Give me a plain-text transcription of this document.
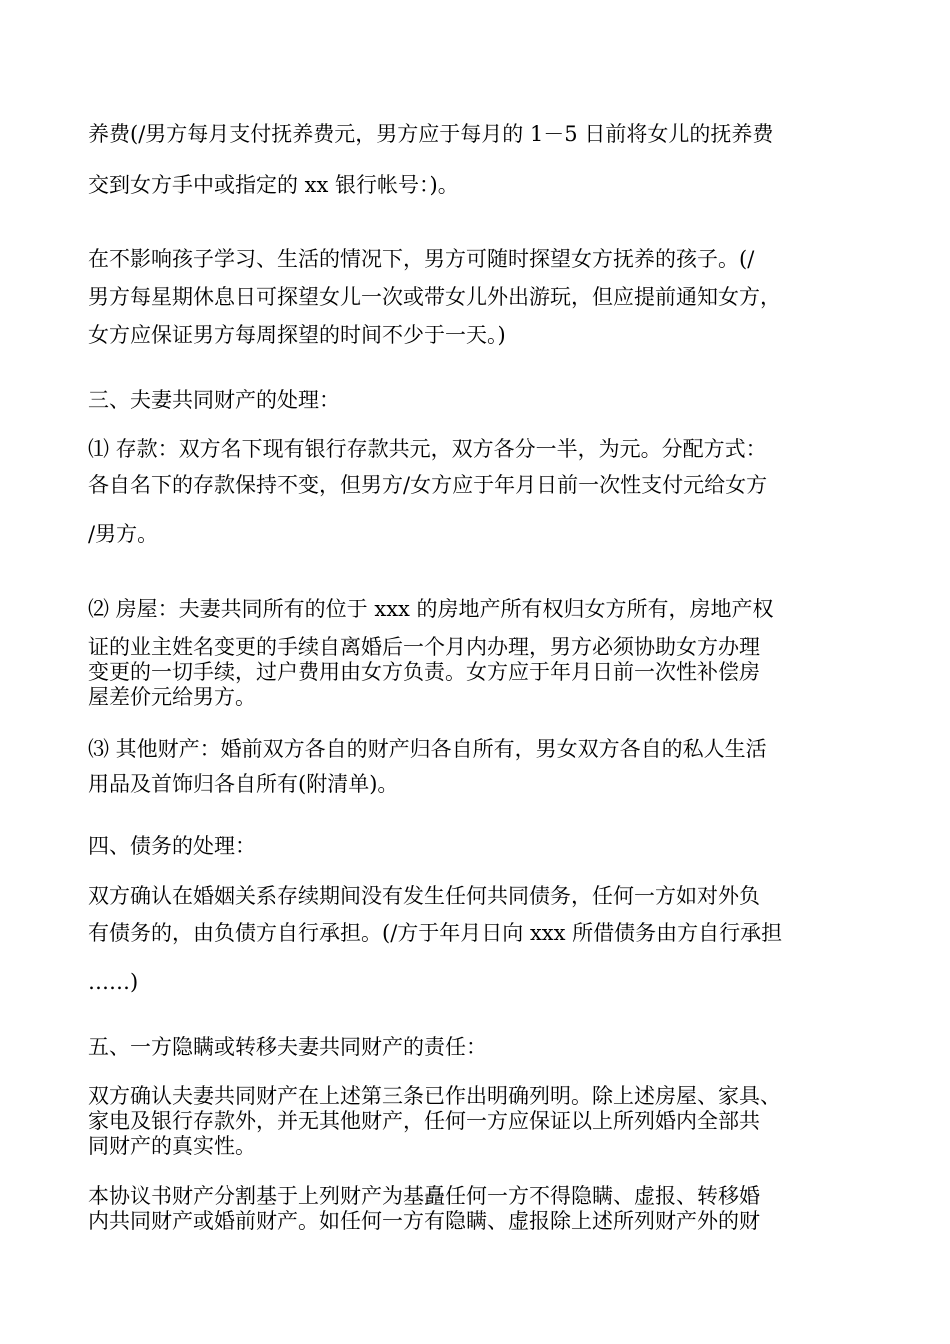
养费(/男方每月支付抚养费元，男方应于每月的 1－5 日前将女儿的抚养费
交到女方手中或指定的 xx 银行帐号：)。
在不影响孩子学习、生活的情况下，男方可随时探望女方抚养的孩子。(/
男方每星期休息日可探望女儿一次或带女儿外出游玩，但应提前通知女方，
女方应保证男方每周探望的时间不少于一天。)
三、夫妻共同财产的处理：
⑴ 存款：双方名下现有银行存款共元，双方各分一半，为元。分配方式：
各自名下的存款保持不变，但男方/女方应于年月日前一次性支付元给女方
/男方。
⑵ 房屋：夫妻共同所有的位于 xxx 的房地产所有权归女方所有，房地产权
证的业主姓名变更的手续自离婚后一个月内办理，男方必须协助女方办理
变更的一切手续，过户费用由女方负责。女方应于年月日前一次性补偿房
屋差价元给男方。
⑶ 其他财产：婚前双方各自的财产归各自所有，男女双方各自的私人生活
用品及首饰归各自所有(附清单)。
四、债务的处理：
双方确认在婚姻关系存续期间没有发生任何共同债务，任何一方如对外负
有债务的，由负债方自行承担。(/方于年月日向 xxx 所借债务由方自行承担
……)
五、一方隐瞒或转移夫妻共同财产的责任：
双方确认夫妻共同财产在上述第三条已作出明确列明。除上述房屋、家具、
家电及银行存款外，并无其他财产，任何一方应保证以上所列婚内全部共
同财产的真实性。
本协议书财产分割基于上列财产为基矗任何一方不得隐瞒、虚报、转移婚
内共同财产或婚前财产。如任何一方有隐瞒、虚报除上述所列财产外的财
